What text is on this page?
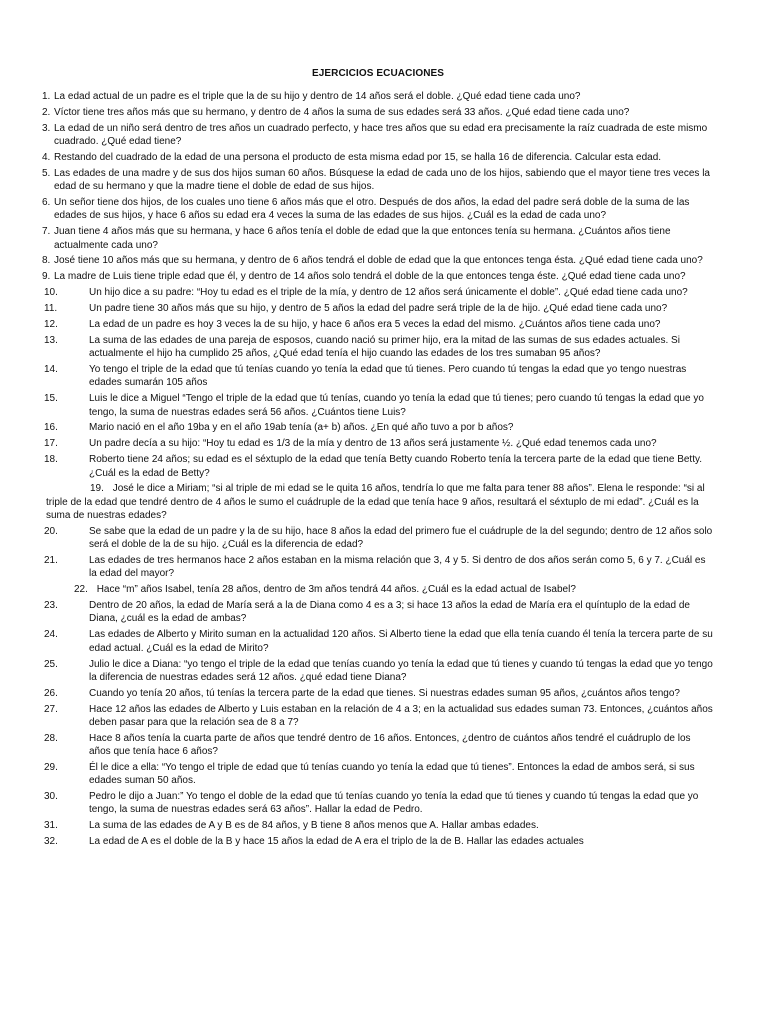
EJERCICIOS ECUACIONES
1. La edad actual de un padre es el triple que la de su hijo y dentro de 14 años será el doble. ¿Qué edad tiene cada uno?
2. Víctor tiene tres años más que su hermano, y dentro de 4 años la suma de sus edades será 33 años. ¿Qué edad tiene cada uno?
3. La edad de un niño será dentro de tres años un cuadrado perfecto, y hace tres años que su edad era precisamente la raíz cuadrada de este mismo cuadrado. ¿Qué edad tiene?
4. Restando del cuadrado de la edad de una persona el producto de esta misma edad por 15, se halla 16 de diferencia. Calcular esta edad.
5. Las edades de una madre y de sus dos hijos suman 60 años. Búsquese la edad de cada uno de los hijos, sabiendo que el mayor tiene tres veces la edad de su hermano y que la madre tiene el doble de edad de sus hijos.
6. Un señor tiene dos hijos, de los cuales uno tiene 6 años más que el otro. Después de dos años, la edad del padre será doble de la suma de las edades de sus hijos, y hace 6 años su edad era 4 veces la suma de las edades de sus hijos. ¿Cuál es la edad de cada uno?
7. Juan tiene 4 años más que su hermana, y hace 6 años tenía el doble de edad que la que entonces tenía su hermana. ¿Cuántos años tiene actualmente cada uno?
8. José tiene 10 años más que su hermana, y dentro de 6 años tendrá el doble de edad que la que entonces tenga ésta. ¿Qué edad tiene cada uno?
9. La madre de Luis tiene triple edad que él, y dentro de 14 años solo tendrá el doble de la que entonces tenga éste. ¿Qué edad tiene cada uno?
10.	Un hijo dice a su padre: “Hoy tu edad es el triple de la mía, y dentro de 12 años será únicamente el doble”. ¿Qué edad tiene cada uno?
11.	Un padre tiene 30 años más que su hijo, y dentro de 5 años la edad del padre será triple de la de hijo. ¿Qué edad tiene cada uno?
12.	La edad de un padre es hoy 3 veces la de su hijo, y hace 6 años era 5 veces la edad del mismo. ¿Cuántos años tiene cada uno?
13.	La suma de las edades de una pareja de esposos, cuando nació su primer hijo, era la mitad de las sumas de sus edades actuales. Si actualmente el hijo ha cumplido 25 años, ¿Qué edad tenía el hijo cuando las edades de los tres sumaban 95 años?
14.	Yo tengo el triple de la edad que tú tenías cuando yo tenía la edad que tú tienes. Pero cuando tú tengas la edad que yo tengo nuestras edades sumarán 105 años
15.	Luis le dice a Miguel “Tengo el triple de la edad que tú tenías, cuando yo tenía la edad que tú tienes; pero cuando tú tengas la edad que yo tengo, la suma de nuestras edades será 56 años. ¿Cuántos tiene Luis?
16.	Mario nació en el año 19ba y en el año 19ab tenía (a+ b) años. ¿En qué año tuvo a por b años?
17.	Un padre decía a su hijo: “Hoy tu edad es 1/3 de la mía y dentro de 13 años será justamente ½. ¿Qué edad tenemos cada uno?
18.	Roberto tiene 24 años; su edad es el séxtuplo de la edad que tenía Betty cuando Roberto tenía la tercera parte de la edad que tiene Betty. ¿Cuál es la edad de Betty?
19. José le dice a Miriam; “si al triple de mi edad se le quita 16 años, tendría lo que me falta para tener 88 años”. Elena le responde: “si al triple de la edad que tendré dentro de 4 años le sumo el cuádruple de la edad que tenía hace 9 años, resultará el séxtuplo de mi edad”. ¿Cuál es la suma de nuestras edades?
20.	Se sabe que la edad de un padre y la de su hijo, hace 8 años la edad del primero fue el cuádruple de la del segundo; dentro de 12 años solo será el doble de la de su hijo. ¿Cuál es la diferencia de edad?
21.	Las edades de tres hermanos hace 2 años estaban en la misma relación que 3, 4 y 5. Si dentro de dos años serán como 5, 6 y 7. ¿Cuál es la edad del mayor?
22. Hace “m” años Isabel, tenía 28 años, dentro de 3m años tendrá 44 años. ¿Cuál es la edad actual de Isabel?
23.	Dentro de 20 años, la edad de María será a la de Diana como 4 es a 3; si hace 13 años la edad de María era el quíntuplo de la edad de Diana, ¿cuál es la edad de ambas?
24.	Las edades de Alberto y Mirito suman en la actualidad 120 años. Si Alberto tiene la edad que ella tenía cuando él tenía la tercera parte de su edad actual. ¿Cuál es la edad de Mirito?
25.	Julio le dice a Diana: “yo tengo el triple de la edad que tenías cuando yo tenía la edad que tú tienes y cuando tú tengas la edad que yo tengo la diferencia de nuestras edades será 12 años. ¿qué edad tiene Diana?
26.	Cuando yo tenía 20 años, tú tenías la tercera parte de la edad que tienes. Si nuestras edades suman 95 años, ¿cuántos años tengo?
27.	Hace 12 años las edades de Alberto y Luis estaban en la relación de 4 a 3; en la actualidad sus edades suman 73. Entonces, ¿cuántos años deben pasar para que la relación sea de 8 a 7?
28.	Hace 8 años tenía la cuarta parte de años que tendré dentro de 16 años. Entonces, ¿dentro de cuántos años tendré el cuádruplo de los años que tenía hace 6 años?
29.	Él le dice a ella: “Yo tengo el triple de edad que tú tenías cuando yo tenía la edad que tú tienes”. Entonces la edad de ambos será, si sus edades suman 50 años.
30.	Pedro le dijo a Juan:” Yo tengo el doble de la edad que tú tenías cuando yo tenía la edad que tú tienes y cuando tú tengas la edad que yo tengo, la suma de nuestras edades será 63 años”. Hallar la edad de Pedro.
31.	La suma de las edades de A y B es de 84 años, y B tiene 8 años menos que A. Hallar ambas edades.
32.	La edad de A es el doble de la B y hace 15 años la edad de A era el triplo de la de B. Hallar las edades actuales
